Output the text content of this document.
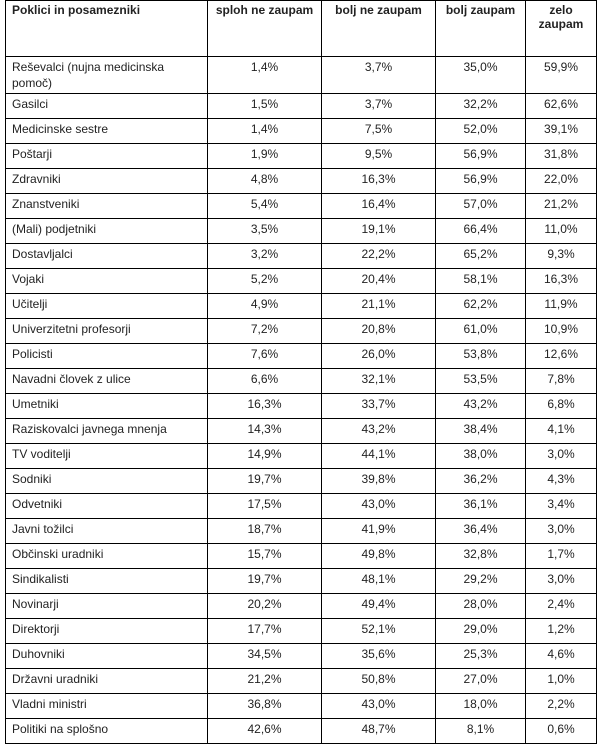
Poklici in posamezniki	sploh ne zaupam	bolj ne zaupam	bolj zaupam	zelo zaupam
Reševalci (nujna medicinska pomoč)	1,4%	3,7%	35,0%	59,9%
Gasilci	1,5%	3,7%	32,2%	62,6%
Medicinske sestre	1,4%	7,5%	52,0%	39,1%
Poštarji	1,9%	9,5%	56,9%	31,8%
Zdravniki	4,8%	16,3%	56,9%	22,0%
Znanstveniki	5,4%	16,4%	57,0%	21,2%
(Mali) podjetniki	3,5%	19,1%	66,4%	11,0%
Dostavljalci	3,2%	22,2%	65,2%	9,3%
Vojaki	5,2%	20,4%	58,1%	16,3%
Učitelji	4,9%	21,1%	62,2%	11,9%
Univerzitetni profesorji	7,2%	20,8%	61,0%	10,9%
Policisti	7,6%	26,0%	53,8%	12,6%
Navadni človek z ulice	6,6%	32,1%	53,5%	7,8%
Umetniki	16,3%	33,7%	43,2%	6,8%
Raziskovalci javnega mnenja	14,3%	43,2%	38,4%	4,1%
TV voditelji	14,9%	44,1%	38,0%	3,0%
Sodniki	19,7%	39,8%	36,2%	4,3%
Odvetniki	17,5%	43,0%	36,1%	3,4%
Javni tožilci	18,7%	41,9%	36,4%	3,0%
Občinski uradniki	15,7%	49,8%	32,8%	1,7%
Sindikalisti	19,7%	48,1%	29,2%	3,0%
Novinarji	20,2%	49,4%	28,0%	2,4%
Direktorji	17,7%	52,1%	29,0%	1,2%
Duhovniki	34,5%	35,6%	25,3%	4,6%
Državni uradniki	21,2%	50,8%	27,0%	1,0%
Vladni ministri	36,8%	43,0%	18,0%	2,2%
Politiki na splošno	42,6%	48,7%	8,1%	0,6%
